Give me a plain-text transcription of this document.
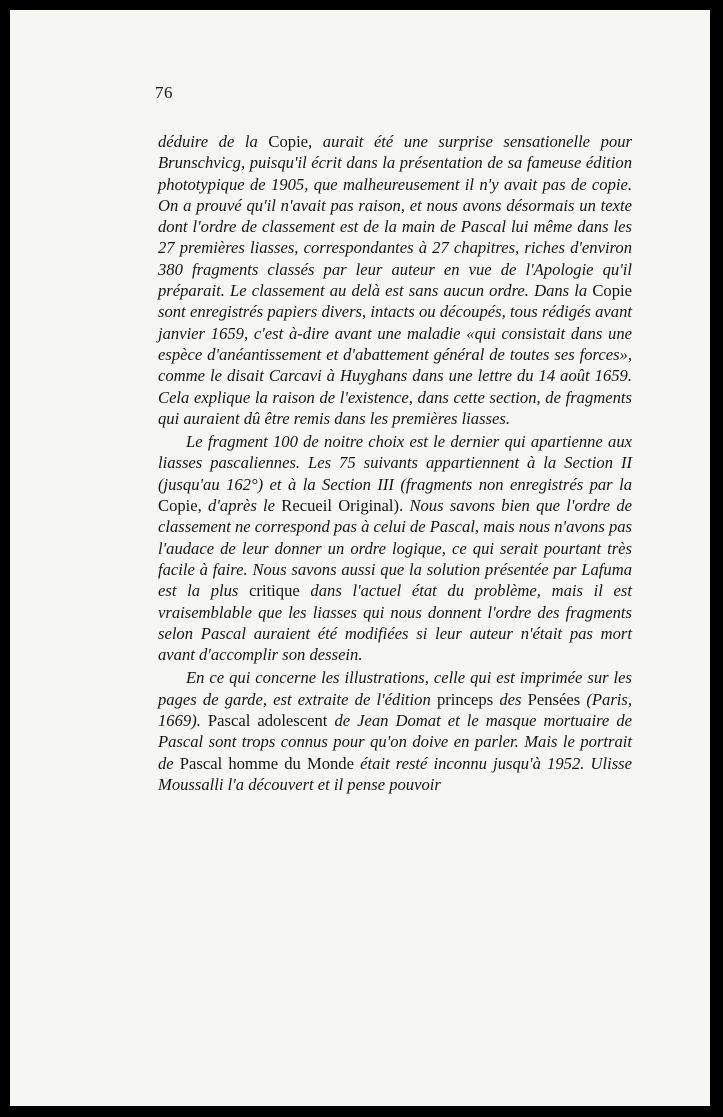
76

déduire de la Copie, aurait été une surprise sensationelle pour Brunschvicg, puisqu'il écrit dans la présentation de sa fameuse édition phototypique de 1905, que malheureusement il n'y avait pas de copie. On a prouvé qu'il n'avait pas raison, et nous avons désormais un texte dont l'ordre de classement est de la main de Pascal lui même dans les 27 premières liasses, correspondantes à 27 chapitres, riches d'environ 380 fragments classés par leur auteur en vue de l'Apologie qu'il préparait. Le classement au delà est sans aucun ordre. Dans la Copie sont enregistrés papiers divers, intacts ou découpés, tous rédigés avant janvier 1659, c'est à-dire avant une maladie «qui consistait dans une espèce d'anéantissement et d'abattement général de toutes ses forces», comme le disait Carcavi à Huyghans dans une lettre du 14 août 1659. Cela explique la raison de l'existence, dans cette section, de fragments qui auraient dû être remis dans les premières liasses.

Le fragment 100 de noitre choix est le dernier qui apartienne aux liasses pascaliennes. Les 75 suivants appartiennent à la Section II (jusqu'au 162°) et à la Section III (fragments non enregistrés par la Copie, d'après le Recueil Original). Nous savons bien que l'ordre de classement ne correspond pas à celui de Pascal, mais nous n'avons pas l'audace de leur donner un ordre logique, ce qui serait pourtant très facile à faire. Nous savons aussi que la solution présentée par Lafuma est la plus critique dans l'actuel état du problème, mais il est vraisemblable que les liasses qui nous donnent l'ordre des fragments selon Pascal auraient été modifiées si leur auteur n'était pas mort avant d'accomplir son dessein.

En ce qui concerne les illustrations, celle qui est imprimée sur les pages de garde, est extraite de l'édition princeps des Pensées (Paris, 1669). Pascal adolescent de Jean Domat et le masque mortuaire de Pascal sont trops connus pour qu'on doive en parler. Mais le portrait de Pascal homme du Monde était resté inconnu jusqu'à 1952. Ulisse Moussalli l'a découvert et il pense pouvoir
